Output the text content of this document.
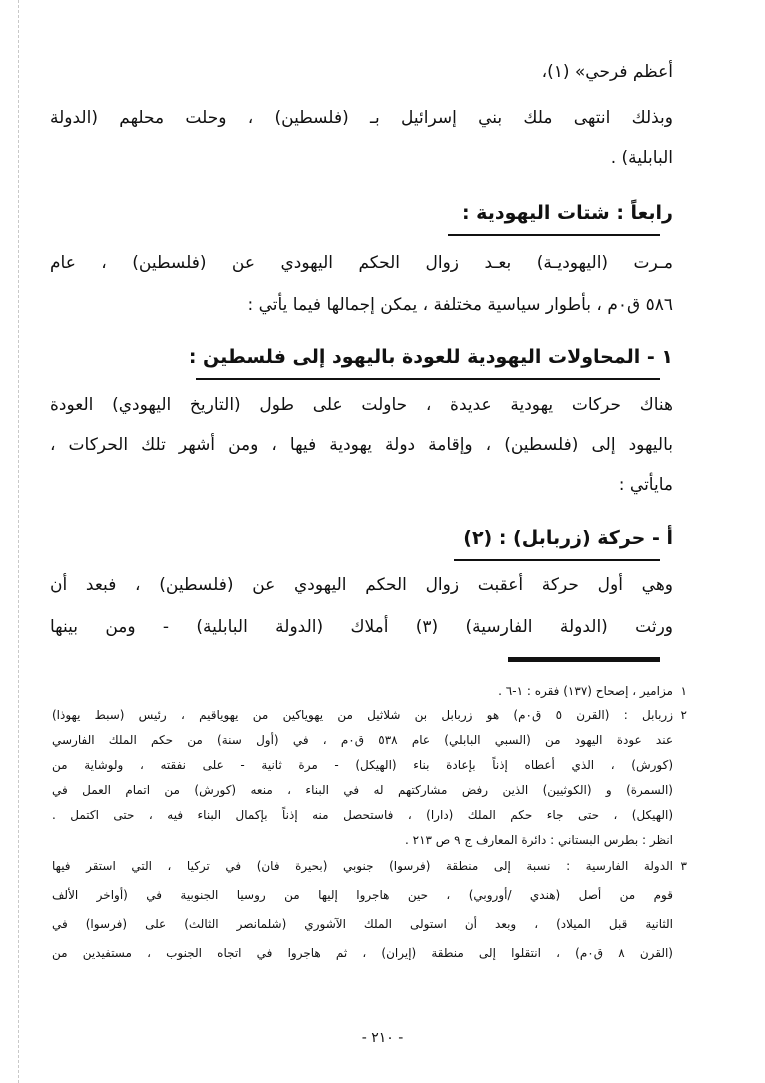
أعظم فرحي» (١)،
وبذلك انتهى ملك بني إسرائيل بـ (فلسطين) ، وحلت محلهم (الدولة
البابلية) .
رابعاً : شتات اليهودية :
مـرت (اليهوديـة) بعـد زوال الحكم اليهودي عن (فلسطين) ، عام
٥٨٦ ق٠م ، بأطوار سياسية مختلفة ، يمكن إجمالها فيما يأتي :
١ - المحاولات اليهودية للعودة باليهود إلى فلسطين :
هناك حركات يهودية عديدة ، حاولت على طول (التاريخ اليهودي) العودة
باليهود إلى (فلسطين) ، وإقامة دولة يهودية فيها ، ومن أشهر تلك الحركات ،
مايأتي :
أ - حركة (زربابل) : (٢)
وهي أول حركة أعقبت زوال الحكم اليهودي عن (فلسطين) ، فبعد أن
ورثت (الدولة الفارسية) (٣) أملاك (الدولة البابلية) - ومن بينها
١
مزامير ، إصحاح (١٣٧) فقره : ١-٦ .
٢
زربابل : (القرن ٥ ق٠م) هو زربابل بن شلاثيل من يهوياكين من يهوياقيم ، رئيس (سبط يهوذا)
عند عودة اليهود من (السبي البابلي) عام ٥٣٨ ق٠م ، في (أول سنة) من حكم الملك الفارسي
(كورش) ، الذي أعطاه إذناً بإعادة بناء (الهيكل) - مرة ثانية - على نفقته ، ولوشاية من
(السمرة) و (الكوثيين) الذين رفض مشاركتهم له في البناء ، منعه (كورش) من اتمام العمل في
(الهيكل) ، حتى جاء حكم الملك (دارا) ، فاستحصل منه إذناً بإكمال البناء فيه ، حتى اكتمل .
انظر : بطرس البستاني : دائرة المعارف ج ٩ ص ٢١٣ .
٣
الدولة الفارسية : نسبة إلى منطقة (فرسوا) جنوبي (بحيرة فان) في تركيا ، التي استقر فيها
قوم من أصل (هندي /أوروبي) ، حين هاجروا إليها من روسيا الجنوبية في (أواخر الألف
الثانية قبل الميلاد) ، وبعد أن استولى الملك الآشوري (شلمانصر الثالث) على (فرسوا) في
(القرن ٨ ق٠م) ، انتقلوا إلى منطقة (إيران) ، ثم هاجروا في اتجاه الجنوب ، مستفيدين من
- ٢١٠ -
